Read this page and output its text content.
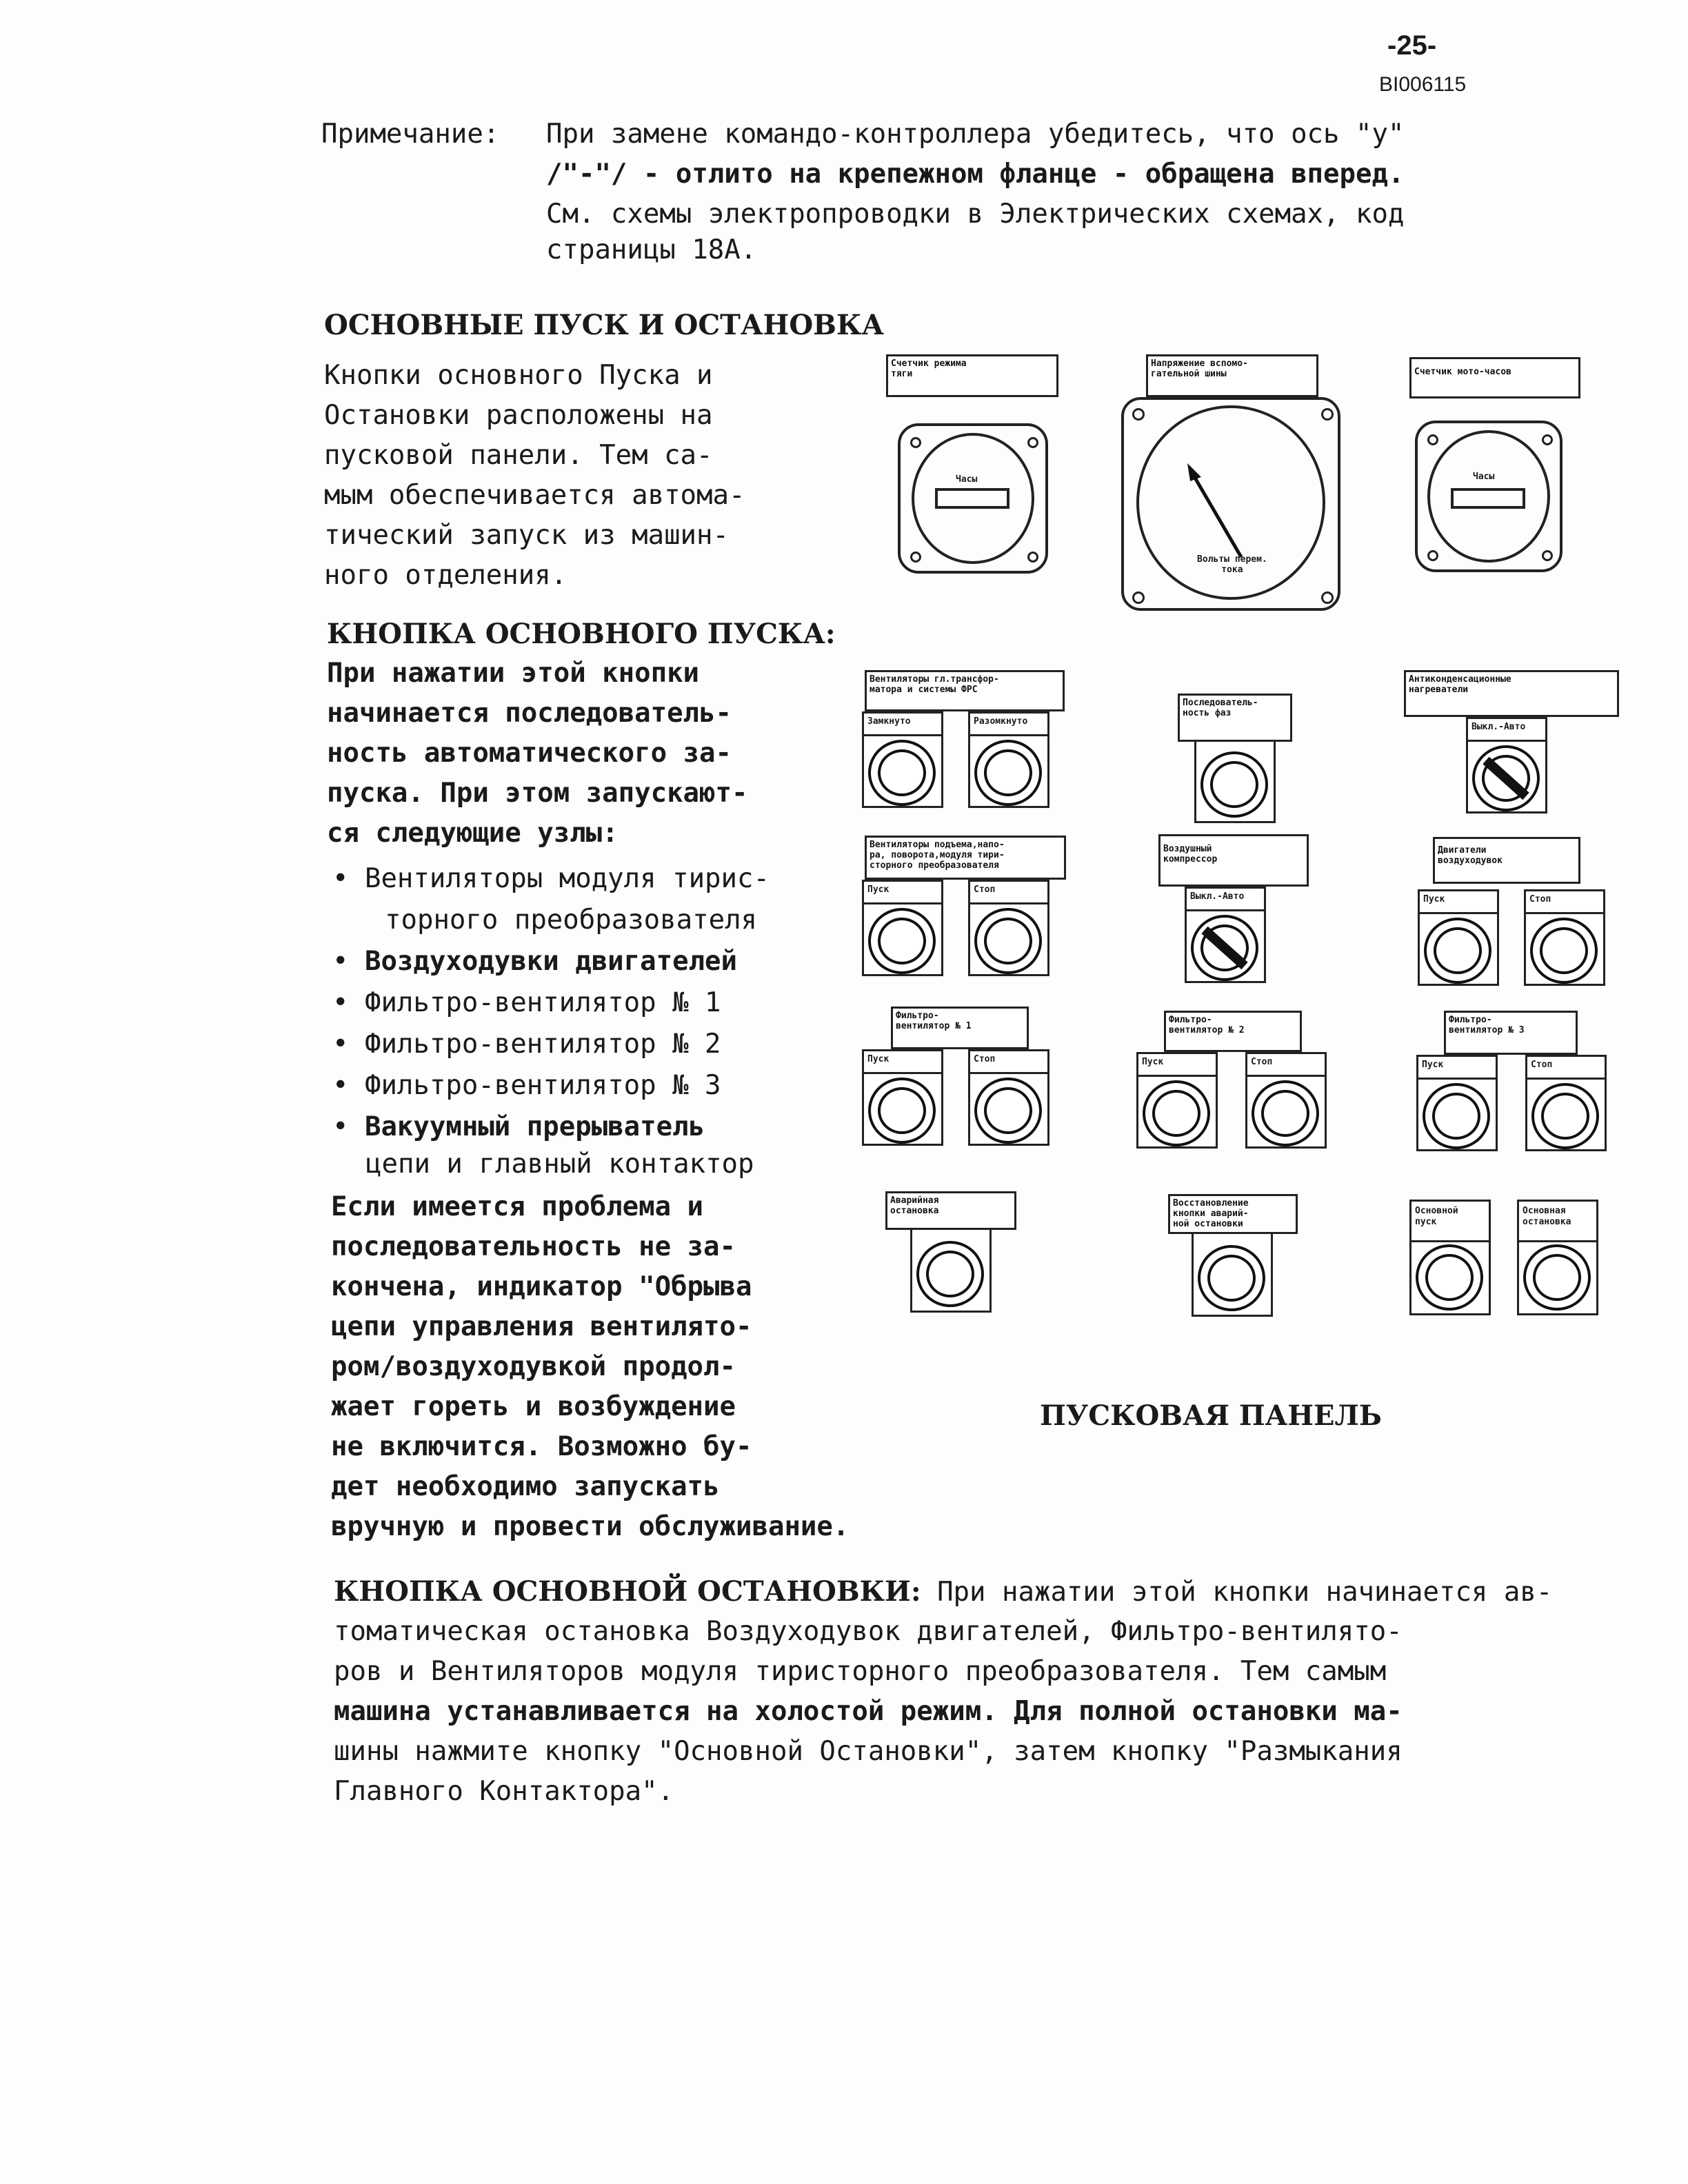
-25-
BI006115
Примечание: При замене командо-контроллера убедитесь, что ось "у"
/"-"/ - отлито на крепежном фланце - обращена вперед.
См. схемы электропроводки в Электрических схемах, код
страницы 18А.
ОСНОВНЫЕ ПУСК И ОСТАНОВКА
Кнопки основного Пуска и
Остановки расположены на
пусковой панели. Тем са-
мым обеспечивается автома-
тический запуск из машин-
ного отделения.
КНОПКА ОСНОВНОГО ПУСКА:
При нажатии этой кнопки
начинается последователь-
ность автоматического за-
пуска. При этом запускают-
ся следующие узлы:
• Вентиляторы модуля тирис-
торного преобразователя
• Воздуходувки двигателей
• Фильтро-вентилятор № 1
• Фильтро-вентилятор № 2
• Фильтро-вентилятор № 3
• Вакуумный прерыватель
цепи и главный контактор
Если имеется проблема и
последовательность не за-
кончена, индикатор "Обрыва
цепи управления вентилято-
ром/воздуходувкой продол-
жает гореть и возбуждение
не включится. Возможно бу-
дет необходимо запускать
вручную и провести обслуживание.
КНОПКА ОСНОВНОЙ ОСТАНОВКИ: При нажатии этой кнопки начинается ав-
томатическая остановка Воздуходувок двигателей, Фильтро-вентилято-
ров и Вентиляторов модуля тиристорного преобразователя. Тем самым
машина устанавливается на холостой режим. Для полной остановки ма-
шины нажмите кнопку "Основной Остановки", затем кнопку "Размыкания
Главного Контактора".
Счетчик режима
тяги
Часы
Напряжение вспомо-
гательной шины
Вольты перем.
тока
Счетчик мото-часов
Часы
Вентиляторы гл.трансфор-
матора и системы ФРС
Замкнуто	Разомкнуто
Последователь-
ность фаз
Антиконденсационные
нагреватели
Выкл.-Авто
Вентиляторы подъема,напо-
ра, поворота,модуля тири-
сторного преобразователя
Пуск	Стоп
Воздушный
компрессор
Выкл.-Авто
Двигатели
воздуходувок
Пуск	Стоп
Фильтро-
вентилятор № 1
Пуск	Стоп
Фильтро-
вентилятор № 2
Пуск	Стоп
Фильтро-
вентилятор № 3
Пуск	Стоп
Аварийная
остановка
Восстановление
кнопки аварий-
ной остановки
Основной
пуск
Основная
остановка
ПУСКОВАЯ ПАНЕЛЬ
